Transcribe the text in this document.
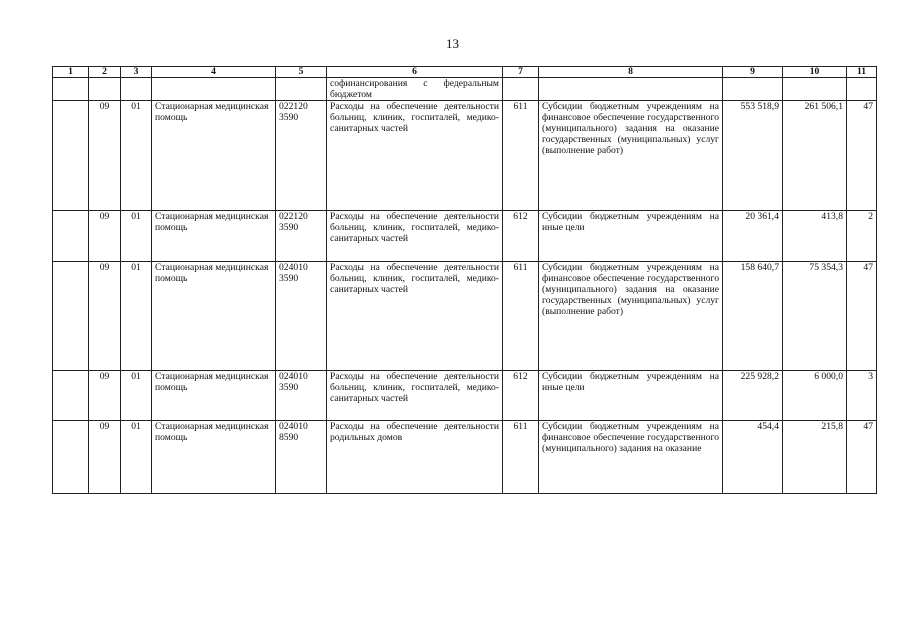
13
1	2	3	4	5	6	7	8	9	10	11
					софинансирования с федеральным бюджетом					
	09	01	Стационарная медицинская помощь	022120 3590	Расходы на обеспечение деятельности больниц, клиник, госпиталей, медико-санитарных частей	611	Субсидии бюджетным учреждениям на финансовое обеспечение государственного (муниципального) задания на оказание государственных (муниципальных) услуг (выполнение работ)	553 518,9	261 506,1	47
	09	01	Стационарная медицинская помощь	022120 3590	Расходы на обеспечение деятельности больниц, клиник, госпиталей, медико-санитарных частей	612	Субсидии бюджетным учреждениям на иные цели	20 361,4	413,8	2
	09	01	Стационарная медицинская помощь	024010 3590	Расходы на обеспечение деятельности больниц, клиник, госпиталей, медико-санитарных частей	611	Субсидии бюджетным учреждениям на финансовое обеспечение государственного (муниципального) задания на оказание государственных (муниципальных) услуг (выполнение работ)	158 640,7	75 354,3	47
	09	01	Стационарная медицинская помощь	024010 3590	Расходы на обеспечение деятельности больниц, клиник, госпиталей, медико-санитарных частей	612	Субсидии бюджетным учреждениям на иные цели	225 928,2	6 000,0	3
	09	01	Стационарная медицинская помощь	024010 8590	Расходы на обеспечение деятельности родильных домов	611	Субсидии бюджетным учреждениям на финансовое обеспечение государственного (муниципального) задания на оказание	454,4	215,8	47
